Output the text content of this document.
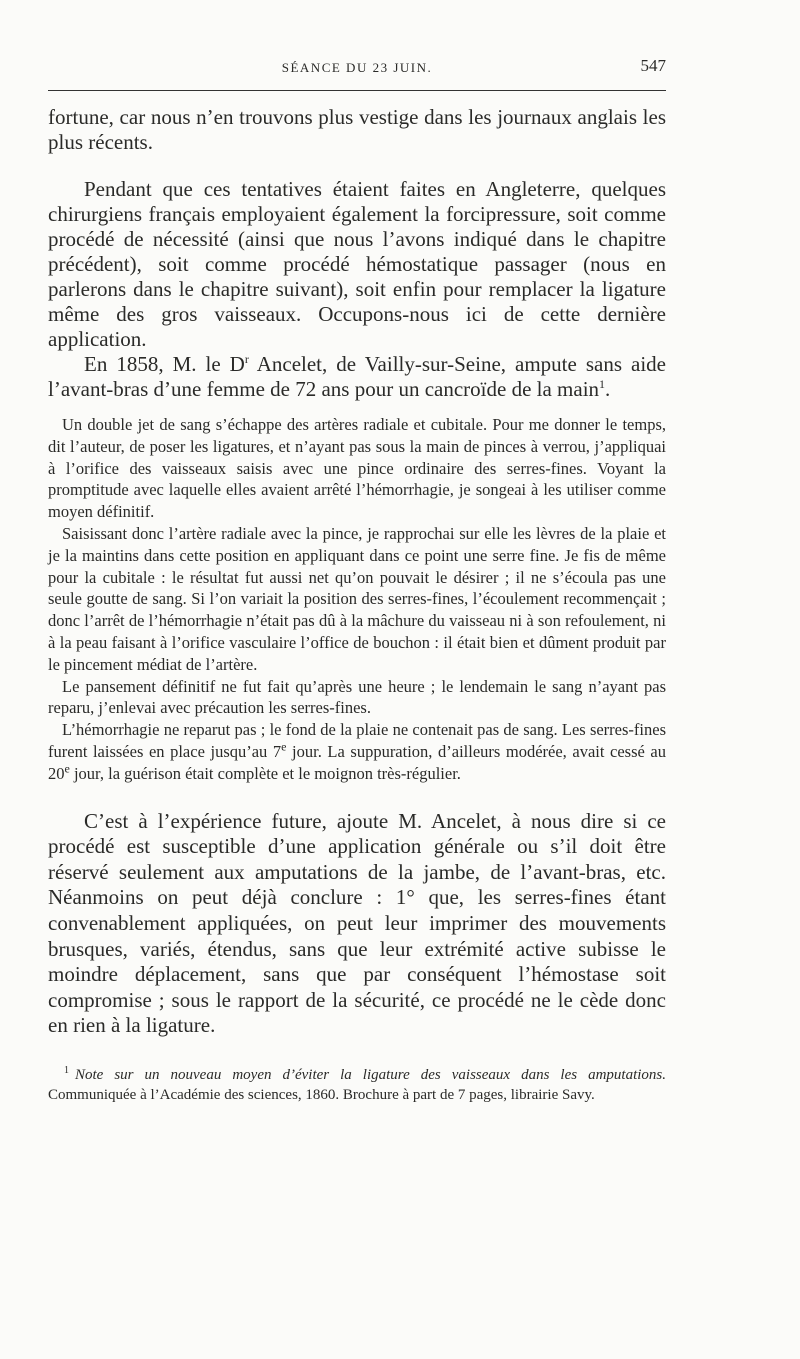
SÉANCE DU 23 JUIN.	547

fortune, car nous n’en trouvons plus vestige dans les journaux anglais les plus récents.

Pendant que ces tentatives étaient faites en Angleterre, quelques chirurgiens français employaient également la forcipressure, soit comme procédé de nécessité (ainsi que nous l’avons indiqué dans le chapitre précédent), soit comme procédé hémostatique passager (nous en parlerons dans le chapitre suivant), soit enfin pour remplacer la ligature même des gros vaisseaux. Occupons-nous ici de cette dernière application.

En 1858, M. le $D^r$ Ancelet, de Vailly-sur-Seine, ampute sans aide l’avant-bras d’une femme de 72 ans pour un cancroïde de la main$^1$.

Un double jet de sang s’échappe des artères radiale et cubitale. Pour me donner le temps, dit l’auteur, de poser les ligatures, et n’ayant pas sous la main de pinces à verrou, j’appliquai à l’orifice des vaisseaux saisis avec une pince ordinaire des serres-fines. Voyant la promptitude avec laquelle elles avaient arrêté l’hémorrhagie, je songeai à les utiliser comme moyen définitif.

Saisissant donc l’artère radiale avec la pince, je rapprochai sur elle les lèvres de la plaie et je la maintins dans cette position en appliquant dans ce point une serre fine. Je fis de même pour la cubitale : le résultat fut aussi net qu’on pouvait le désirer ; il ne s’écoula pas une seule goutte de sang. Si l’on variait la position des serres-fines, l’écoulement recommençait ; donc l’arrêt de l’hémorrhagie n’était pas dû à la mâchure du vaisseau ni à son refoulement, ni à la peau faisant à l’orifice vasculaire l’office de bouchon : il était bien et dûment produit par le pincement médiat de l’artère.

Le pansement définitif ne fut fait qu’après une heure ; le lendemain le sang n’ayant pas reparu, j’enlevai avec précaution les serres-fines.

L’hémorrhagie ne reparut pas ; le fond de la plaie ne contenait pas de sang. Les serres-fines furent laissées en place jusqu’au 7e jour. La suppuration, d’ailleurs modérée, avait cessé au 20e jour, la guérison était complète et le moignon très-régulier.

C’est à l’expérience future, ajoute M. Ancelet, à nous dire si ce procédé est susceptible d’une application générale ou s’il doit être réservé seulement aux amputations de la jambe, de l’avant-bras, etc. Néanmoins on peut déjà conclure : 1° que, les serres-fines étant convenablement appliquées, on peut leur imprimer des mouvements brusques, variés, étendus, sans que leur extrémité active subisse le moindre déplacement, sans que par conséquent l’hémostase soit compromise ; sous le rapport de la sécurité, ce procédé ne le cède donc en rien à la ligature.

$^1$ Note sur un nouveau moyen d’éviter la ligature des vaisseaux dans les amputations. Communiquée à l’Académie des sciences, 1860. Brochure à part de 7 pages, librairie Savy.
